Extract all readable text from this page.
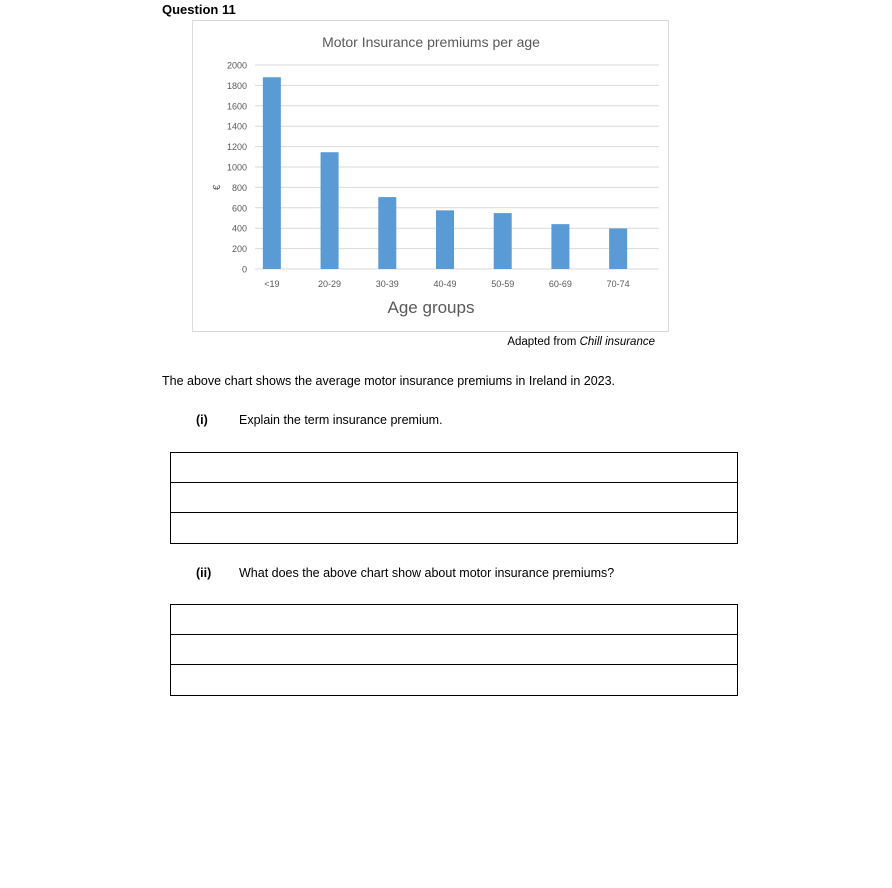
Question 11
Motor Insurance premiums per age
0
200
400
600
800
1000
1200
1400
1600
1800
2000
€
<19	20-29	30-39	40-49	50-59	60-69	70-74
Age groups
Adapted from Chill insurance
The above chart shows the average motor insurance premiums in Ireland in 2023.
(i) Explain the term insurance premium.
(ii) What does the above chart show about motor insurance premiums?
